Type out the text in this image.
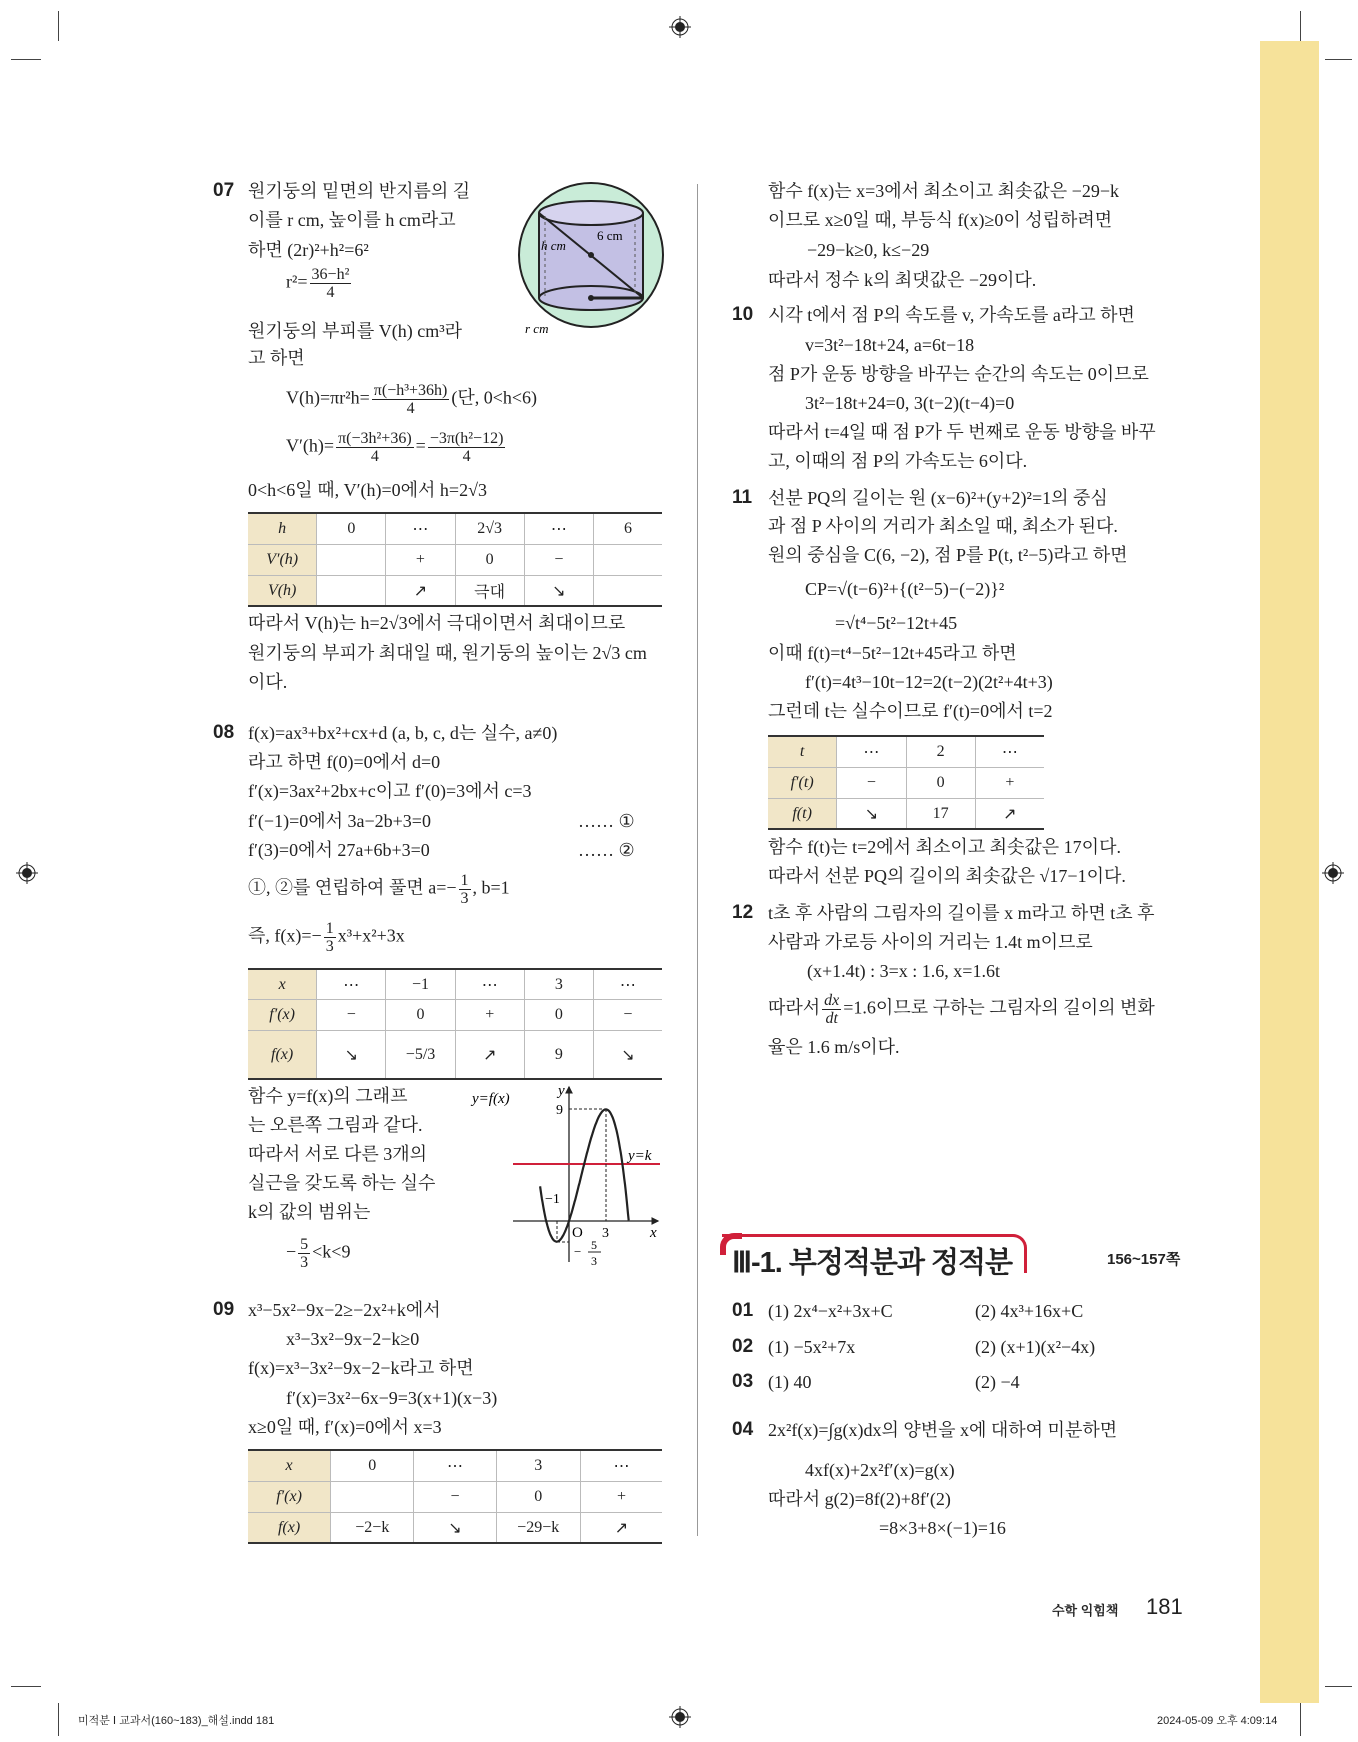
07 원기둥의 밑면의 반지름의 길
이를 r cm, 높이를 h cm라고
하면 (2r)²+h²=6²
$r^2= \frac{\text{36−h²}}{4}$
원기둥의 부피를 V(h) cm³라
고 하면
$V(h)=\pi r^2h= \frac{\text{π(−h³+36h)}}{4}$ (단, 0<h<6)
$V'(h)= \frac{\text{π(−3h²+36)}}{4} = \frac{\text{−3π(h²−12)}}{4}$
0<h<6일 때, V′(h)=0에서 h=2√3
6 cm
h cm
r cm
h	0	⋯	2√3	⋯	6
V′(h)		+	0	−	
V(h)		↗	극대	↘	
따라서 V(h)는 h=2√3에서 극대이면서 최대이므로
원기둥의 부피가 최대일 때, 원기둥의 높이는 2√3 cm
이다.
08 f(x)=ax³+bx²+cx+d (a, b, c, d는 실수, a≠0)
라고 하면 f(0)=0에서 d=0
f′(x)=3ax²+2bx+c이고 f′(0)=3에서 c=3
f′(−1)=0에서 3a−2b+3=0	…… ①
f′(3)=0에서 27a+6b+3=0	…… ②
①, ②를 연립하여 풀면 $a=- \frac{1}{3}$ , b=1
즉, $f(x)=- \frac{1}{3} x^3+x^2+3x$
x	⋯	−1	⋯	3	⋯
f′(x)	−	0	+	0	−
f(x)	↘	−5/3	↗	9	↘
함수 y=f(x)의 그래프
는 오른쪽 그림과 같다.
따라서 서로 다른 3개의
실근을 갖도록 하는 실수
k의 값의 범위는
− $\frac{5}{3} <k<9$
y=f(x)	y
9
y=k
−1
O 3	x
− 5
3
09 x³−5x²−9x−2≥−2x²+k에서
x³−3x²−9x−2−k≥0
f(x)=x³−3x²−9x−2−k라고 하면
f′(x)=3x²−6x−9=3(x+1)(x−3)
x≥0일 때, f′(x)=0에서 x=3
x	0	⋯	3	⋯
f′(x)		−	0	+
f(x)	−2−k	↘	−29−k	↗
함수 f(x)는 x=3에서 최소이고 최솟값은 −29−k
이므로 x≥0일 때, 부등식 f(x)≥0이 성립하려면
−29−k≥0, k≤−29
따라서 정수 k의 최댓값은 −29이다.
10 시각 t에서 점 P의 속도를 v, 가속도를 a라고 하면
v=3t²−18t+24, a=6t−18
점 P가 운동 방향을 바꾸는 순간의 속도는 0이므로
3t²−18t+24=0, 3(t−2)(t−4)=0
따라서 t=4일 때 점 P가 두 번째로 운동 방향을 바꾸
고, 이때의 점 P의 가속도는 6이다.
11 선분 PQ의 길이는 원 (x−6)²+(y+2)²=1의 중심
과 점 P 사이의 거리가 최소일 때, 최소가 된다.
원의 중심을 C(6, −2), 점 P를 P(t, t²−5)라고 하면
CP=√(t−6)²+{(t²−5)−(−2)}²
=√t⁴−5t²−12t+45
이때 f(t)=t⁴−5t²−12t+45라고 하면
f′(t)=4t³−10t−12=2(t−2)(2t²+4t+3)
그런데 t는 실수이므로 f′(t)=0에서 t=2
t	⋯	2	⋯
f′(t)	−	0	+
f(t)	↘	17	↗
함수 f(t)는 t=2에서 최소이고 최솟값은 17이다.
따라서 선분 PQ의 길이의 최솟값은 √17−1이다.
12 t초 후 사람의 그림자의 길이를 x m라고 하면 t초 후
사람과 가로등 사이의 거리는 1.4t m이므로
(x+1.4t) : 3=x : 1.6, x=1.6t
따라서 $\frac{dx}{dt} =1.6$이므로 구하는 그림자의 길이의 변화
율은 1.6 m/s이다.
Ⅲ-1. 부정적분과 정적분	156~157쪽
01 (1) 2x⁴−x²+3x+C	(2) 4x³+16x+C
02 (1) −5x²+7x	(2) (x+1)(x²−4x)
03 (1) 40	(2) −4
04 2x²f(x)=∫g(x)dx의 양변을 x에 대하여 미분하면
4xf(x)+2x²f′(x)=g(x)
따라서 g(2)=8f(2)+8f′(2)
=8×3+8×(−1)=16
수학 익힘책 181
미적분 Ⅰ 교과서(160~183)_해설.indd 181	2024-05-09 오후 4:09:14
